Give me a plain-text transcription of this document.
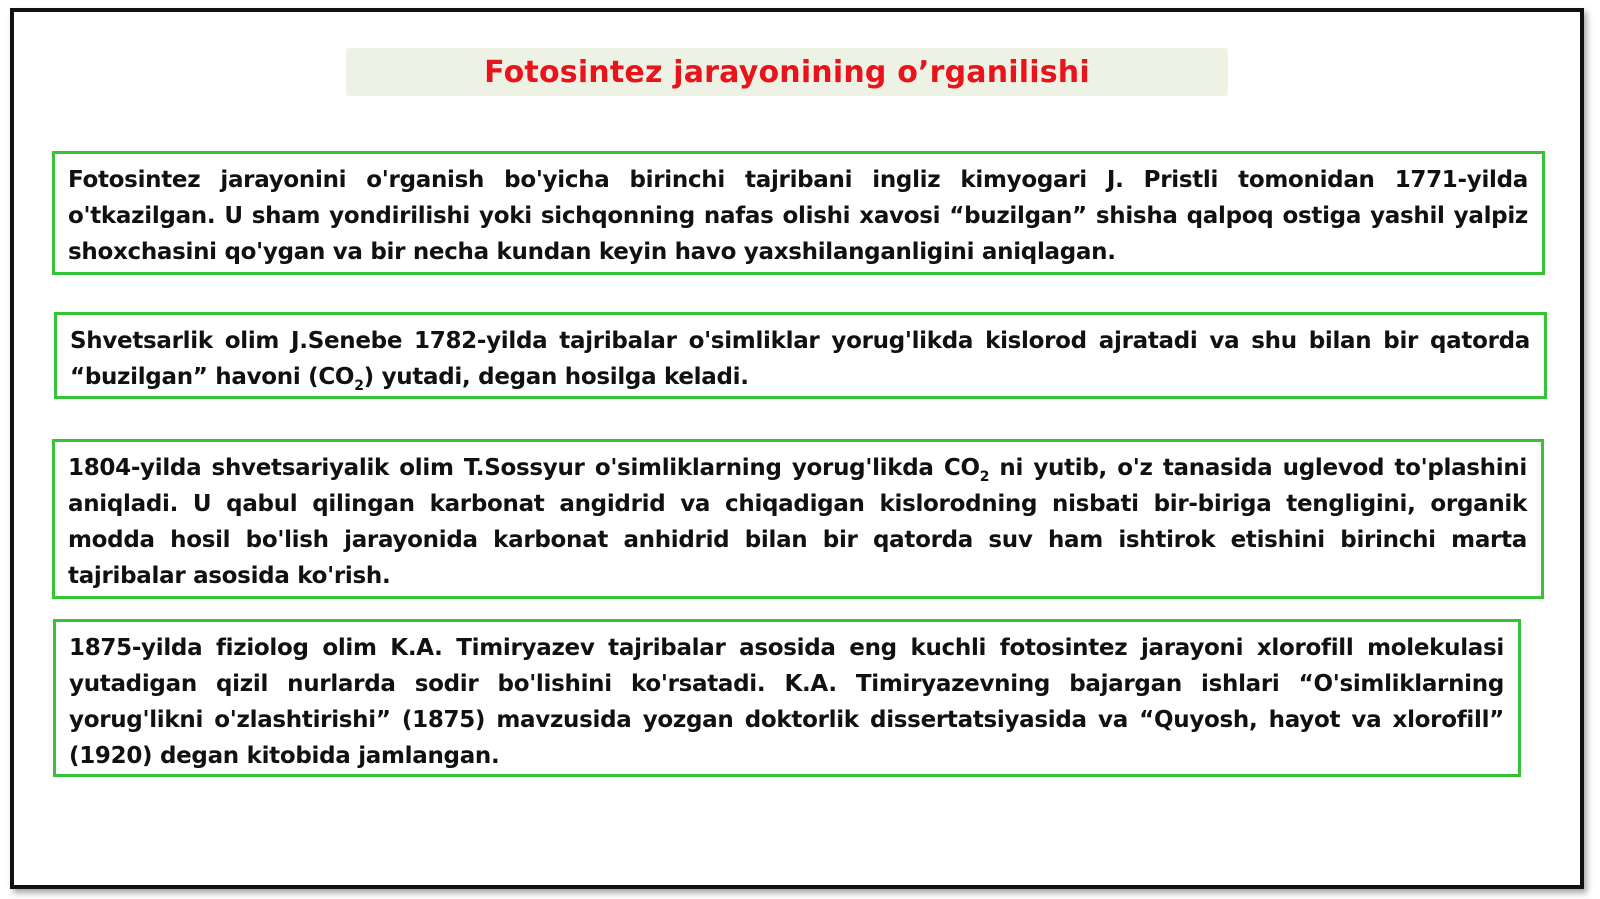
Fotosintez jarayonining o’rganilishi
Fotosintez jarayonini o'rganish bo'yicha birinchi tajribani ingliz kimyogari J. Pristli tomonidan 1771-yilda o'tkazilgan. U sham yondirilishi yoki sichqonning nafas olishi xavosi “buzilgan” shisha qalpoq ostiga yashil yalpiz shoxchasini qo'ygan va bir necha kundan keyin havo yaxshilanganligini aniqlagan.
Shvetsarlik olim J.Senebe 1782-yilda tajribalar o'simliklar yorug'likda kislorod ajratadi va shu bilan bir qatorda “buzilgan” havoni $(CO_2)$ yutadi, degan hosilga keladi.
1804-yilda shvetsariyalik olim T.Sossyur o'simliklarning yorug'likda $CO_2$ ni yutib, o'z tanasida uglevod to'plashini aniqladi. U qabul qilingan karbonat angidrid va chiqadigan kislorodning nisbati bir-biriga tengligini, organik modda hosil bo'lish jarayonida karbonat anhidrid bilan bir qatorda suv ham ishtirok etishini birinchi marta tajribalar asosida ko'rish.
1875-yilda fiziolog olim K.A. Timiryazev tajribalar asosida eng kuchli fotosintez jarayoni xlorofill molekulasi yutadigan qizil nurlarda sodir bo'lishini ko'rsatadi. K.A. Timiryazevning bajargan ishlari “O'simliklarning yorug'likni o'zlashtirishi” (1875) mavzusida yozgan doktorlik dissertatsiyasida va “Quyosh, hayot va xlorofill” (1920) degan kitobida jamlangan.
